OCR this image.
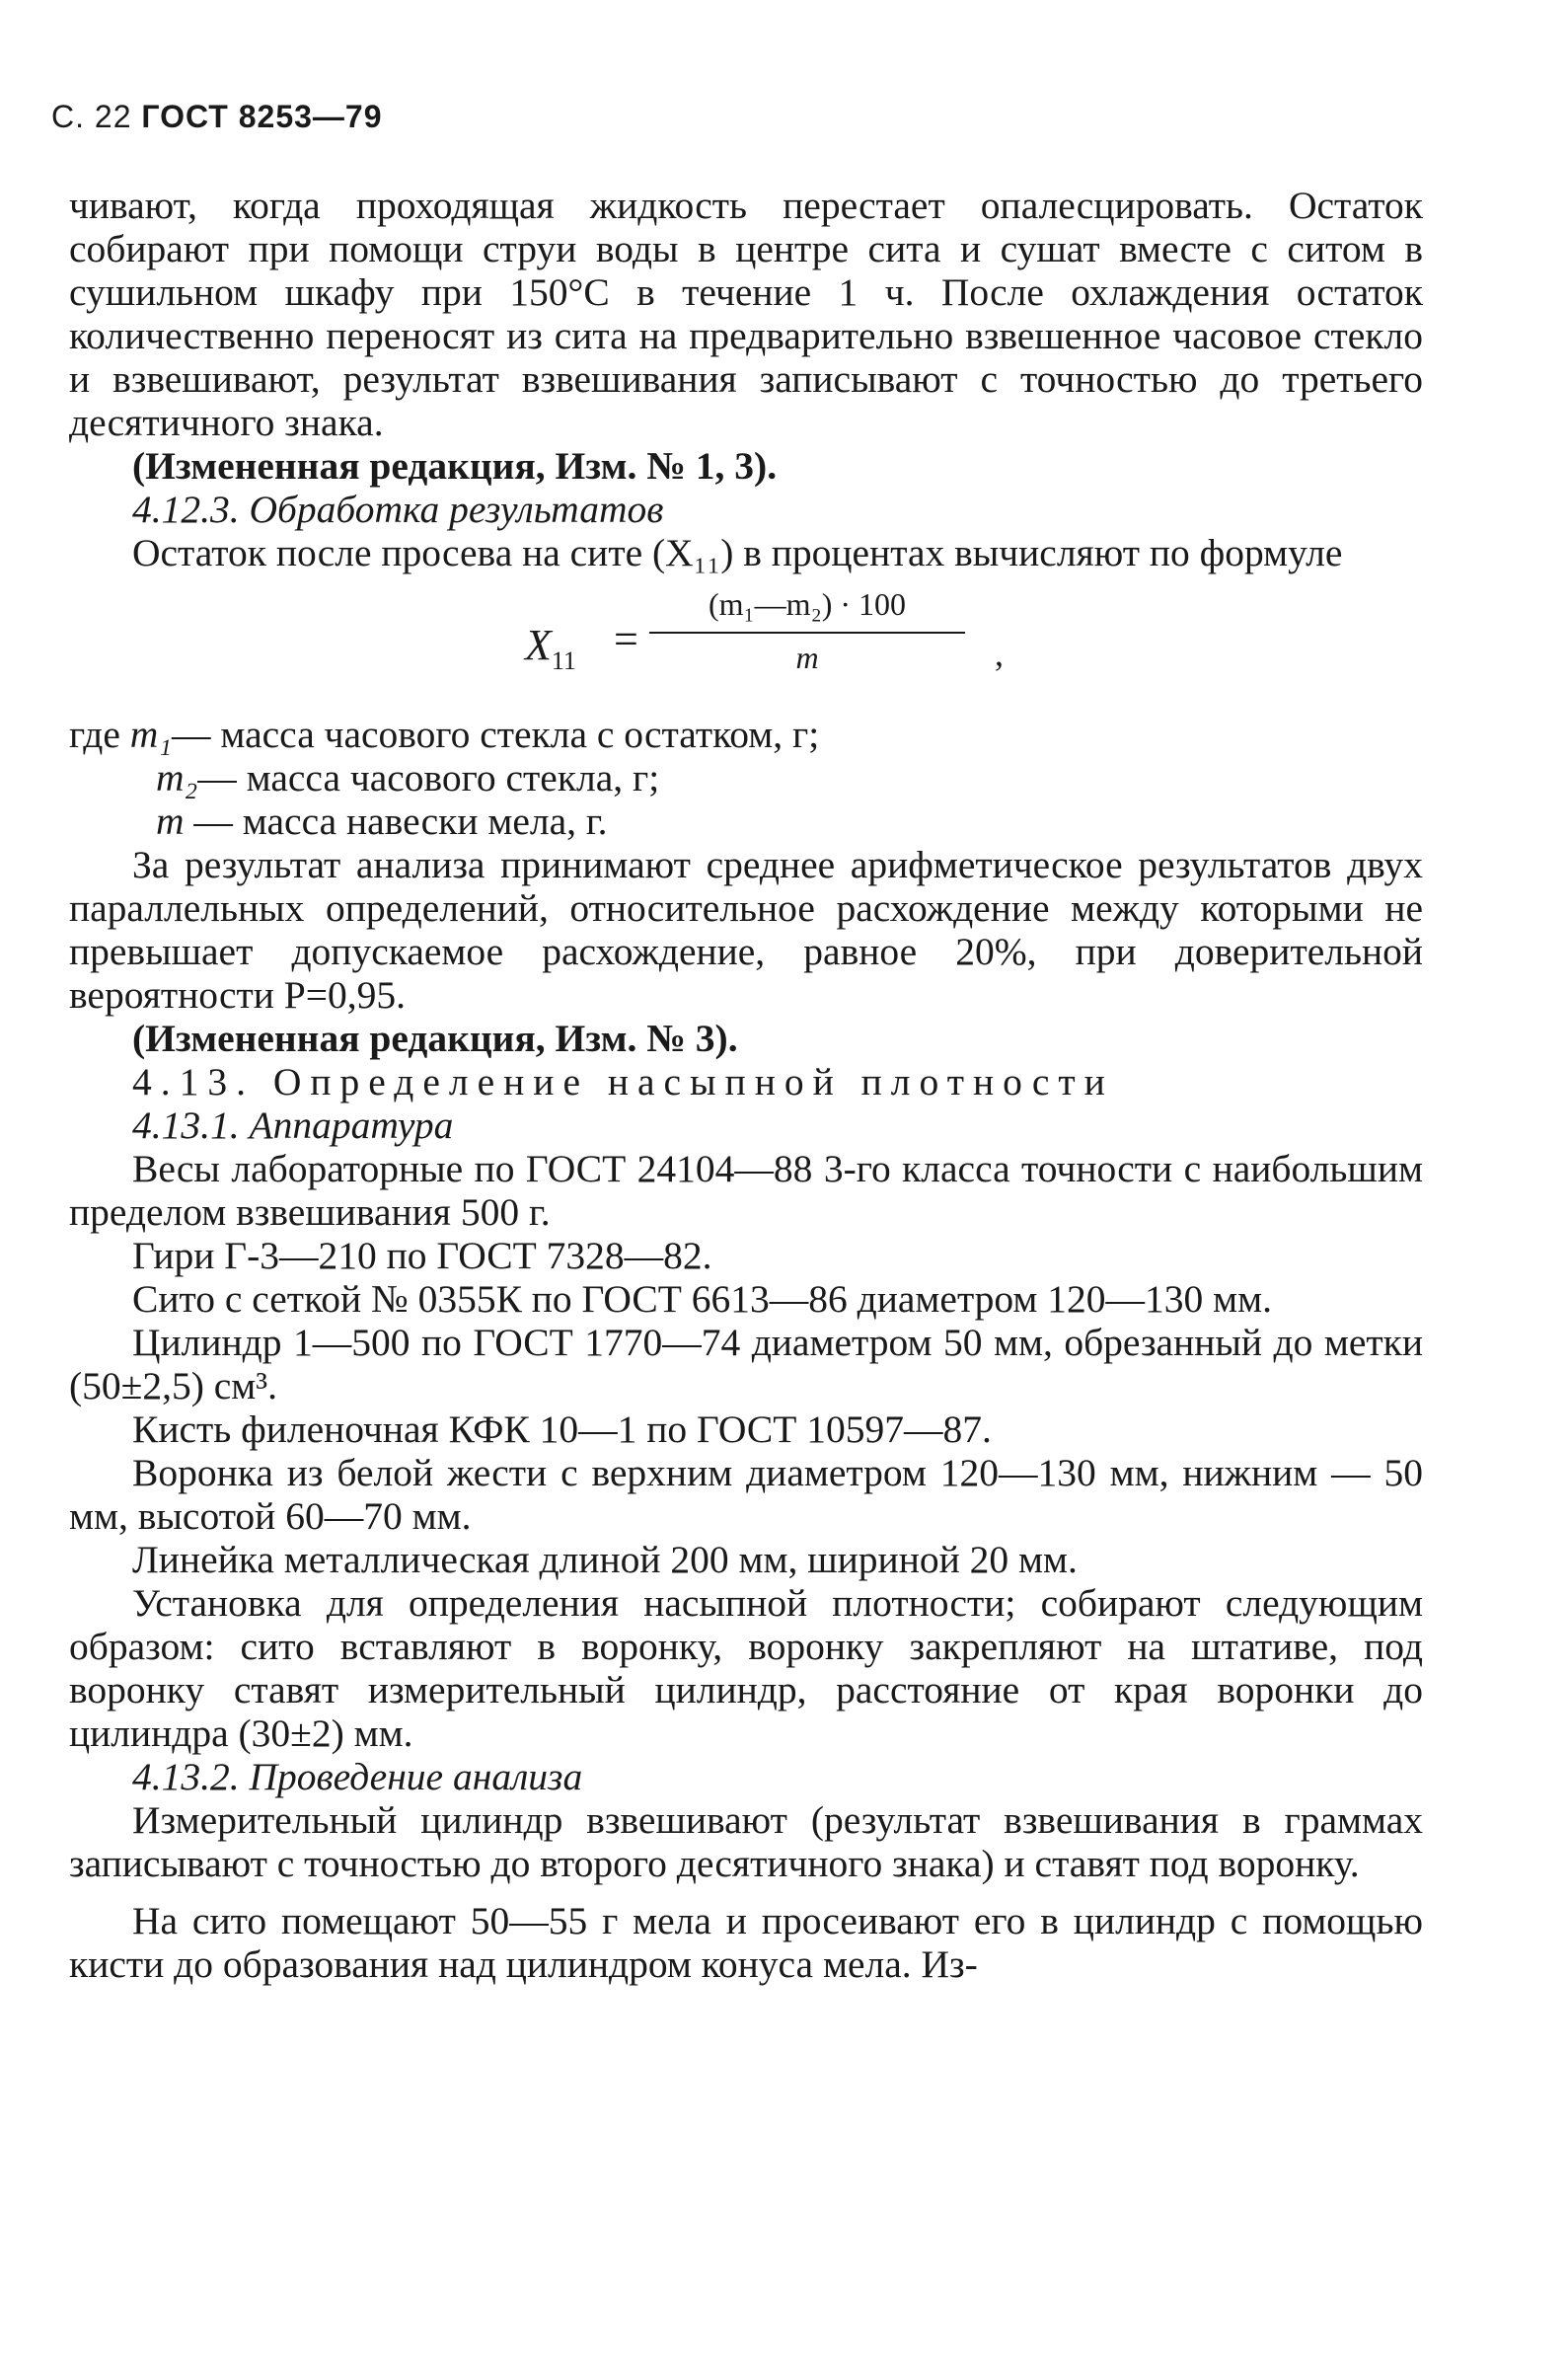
С. 22 ГОСТ 8253—79

чивают, когда проходящая жидкость перестает опалесцировать. Остаток собирают при помощи струи воды в центре сита и сушат вместе с ситом в сушильном шкафу при 150°С в течение 1 ч. После охлаждения остаток количественно переносят из сита на предварительно взвешенное часовое стекло и взвешивают, результат взвешивания записывают с точностью до третьего десятичного знака.

(Измененная редакция, Изм. № 1, 3).

4.12.3. Обработка результатов

Остаток после просева на сите (X₁₁) в процентах вычисляют по формуле

$X_{11}$ =
(m₁—m₂) · 100
m	,
где m₁— масса часового стекла с остатком, г;
m₂— масса часового стекла, г;
m — масса навески мела, г.

За результат анализа принимают среднее арифметическое результатов двух параллельных определений, относительное расхождение между которыми не превышает допускаемое расхождение, равное 20%, при доверительной вероятности P=0,95.

(Измененная редакция, Изм. № 3).

4.13. Определение насыпной плотности

4.13.1. Аппаратура

Весы лабораторные по ГОСТ 24104—88 3-го класса точности с наибольшим пределом взвешивания 500 г.

Гири Г-3—210 по ГОСТ 7328—82.

Сито с сеткой № 0355К по ГОСТ 6613—86 диаметром 120—130 мм.

Цилиндр 1—500 по ГОСТ 1770—74 диаметром 50 мм, обрезанный до метки (50±2,5) см³.

Кисть филеночная КФК 10—1 по ГОСТ 10597—87.

Воронка из белой жести с верхним диаметром 120—130 мм, нижним — 50 мм, высотой 60—70 мм.

Линейка металлическая длиной 200 мм, шириной 20 мм.

Установка для определения насыпной плотности; собирают следующим образом: сито вставляют в воронку, воронку закрепляют на штативе, под воронку ставят измерительный цилиндр, расстояние от края воронки до цилиндра (30±2) мм.

4.13.2. Проведение анализа

Измерительный цилиндр взвешивают (результат взвешивания в граммах записывают с точностью до второго десятичного знака) и ставят под воронку.

На сито помещают 50—55 г мела и просеивают его в цилиндр с помощью кисти до образования над цилиндром конуса мела. Из-
